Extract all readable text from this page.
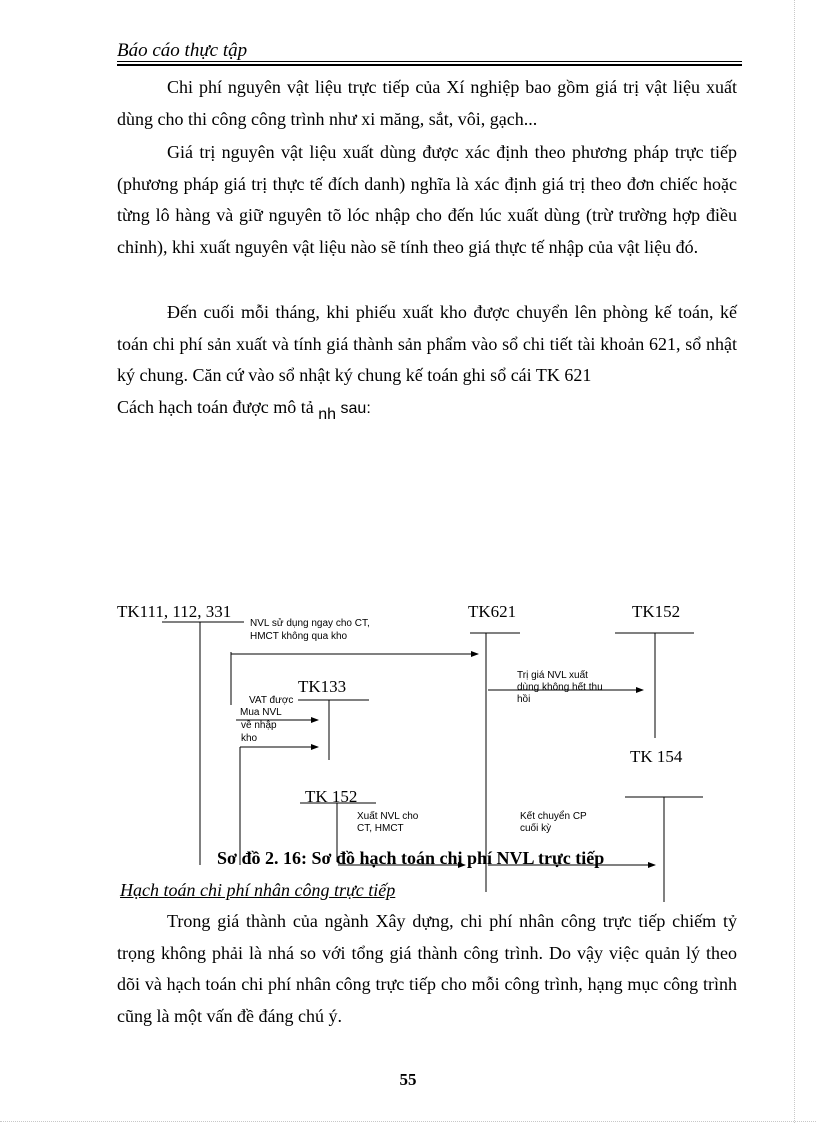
Báo cáo thực tập

Chi phí nguyên vật liệu trực tiếp của Xí nghiệp bao gồm giá trị vật liệu xuất dùng cho thi công công trình như xi măng, sắt, vôi, gạch...

Giá trị nguyên vật liệu xuất dùng được xác định theo phương pháp trực tiếp (phương pháp giá trị thực tế đích danh) nghĩa là xác định giá trị theo đơn chiếc hoặc từng lô hàng và giữ nguyên tõ lóc nhập cho đến lúc xuất dùng (trừ trường hợp điều chỉnh), khi xuất nguyên vật liệu nào sẽ tính theo giá thực tế nhập của vật liệu đó.

Đến cuối mỗi tháng, khi phiếu xuất kho được chuyển lên phòng kế toán, kế toán chi phí sản xuất và tính giá thành sản phẩm vào sổ chi tiết tài khoản 621, sổ nhật ký chung. Căn cứ vào sổ nhật ký chung kế toán ghi sổ cái TK 621

Cách hạch toán được mô tả nh sau:
TK111, 112, 331	TK621	TK152
TK133
TK 154
TK 152
NVL sử dụng ngay cho CT,
HMCT không qua kho
VAT được
Mua NVL
về nhập
kho
Trị giá NVL xuất
dùng không hết thu
hồi
Xuất NVL cho
CT, HMCT
Kết chuyển CP
cuối kỳ
Sơ đồ 2. 16: Sơ đồ hạch toán chi phí NVL trực tiếp
Hạch toán chi phí nhân công trực tiếp

Trong giá thành của ngành Xây dựng, chi phí nhân công trực tiếp chiếm tỷ trọng không phải là nhá so với tổng giá thành công trình. Do vậy việc quản lý theo dõi và hạch toán chi phí nhân công trực tiếp cho mỗi công trình, hạng mục công trình cũng là một vấn đề đáng chú ý.

55
